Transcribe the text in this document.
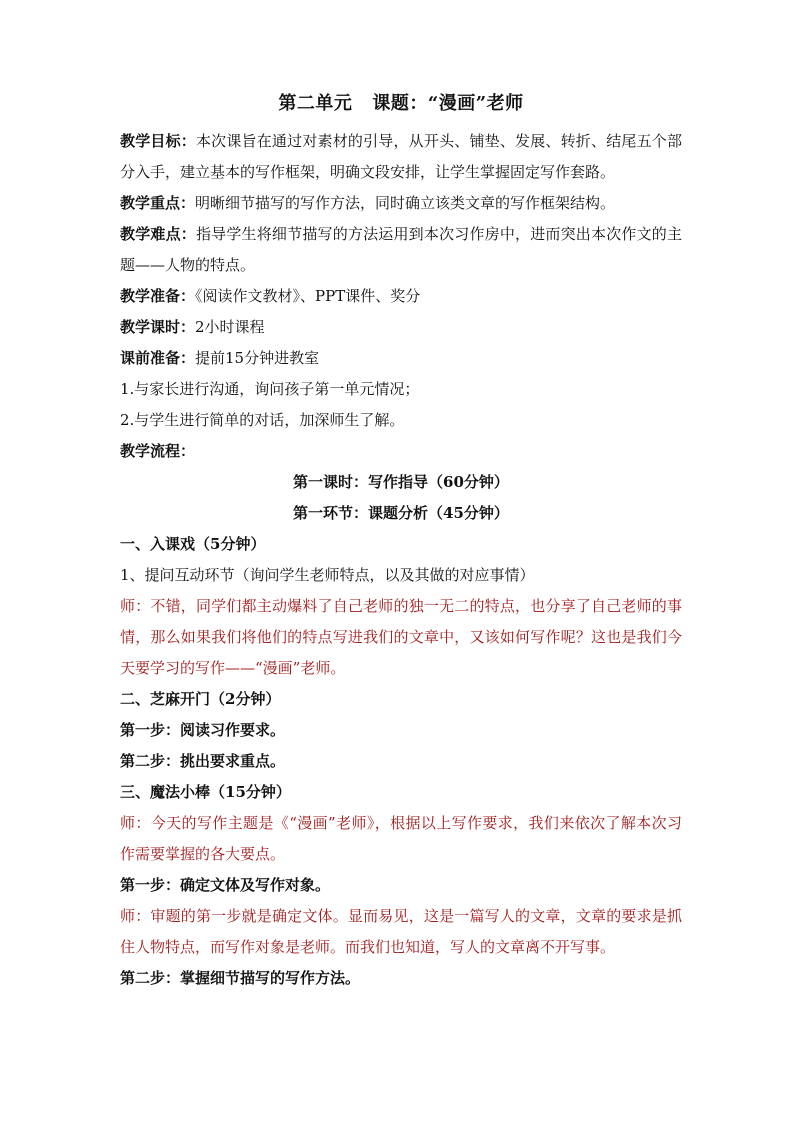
第二单元 课题：“漫画”老师

教学目标：本次课旨在通过对素材的引导，从开头、铺垫、发展、转折、结尾五个部分入手，建立基本的写作框架，明确文段安排，让学生掌握固定写作套路。

教学重点：明晰细节描写的写作方法，同时确立该类文章的写作框架结构。

教学难点：指导学生将细节描写的方法运用到本次习作房中，进而突出本次作文的主题——人物的特点。

教学准备：《阅读作文教材》、PPT课件、奖分

教学课时：2小时课程

课前准备：提前15分钟进教室

1.与家长进行沟通，询问孩子第一单元情况；

2.与学生进行简单的对话，加深师生了解。

教学流程：

第一课时：写作指导（60分钟）

第一环节：课题分析（45分钟）

一、入课戏（5分钟）

1、提问互动环节（询问学生老师特点，以及其做的对应事情）

师：不错，同学们都主动爆料了自己老师的独一无二的特点，也分享了自己老师的事情，那么如果我们将他们的特点写进我们的文章中，又该如何写作呢？这也是我们今天要学习的写作——“漫画”老师。

二、芝麻开门（2分钟）

第一步：阅读习作要求。

第二步：挑出要求重点。

三、魔法小棒（15分钟）

师：今天的写作主题是《“漫画”老师》，根据以上写作要求，我们来依次了解本次习作需要掌握的各大要点。

第一步：确定文体及写作对象。

师：审题的第一步就是确定文体。显而易见，这是一篇写人的文章，文章的要求是抓住人物特点，而写作对象是老师。而我们也知道，写人的文章离不开写事。

第二步：掌握细节描写的写作方法。
